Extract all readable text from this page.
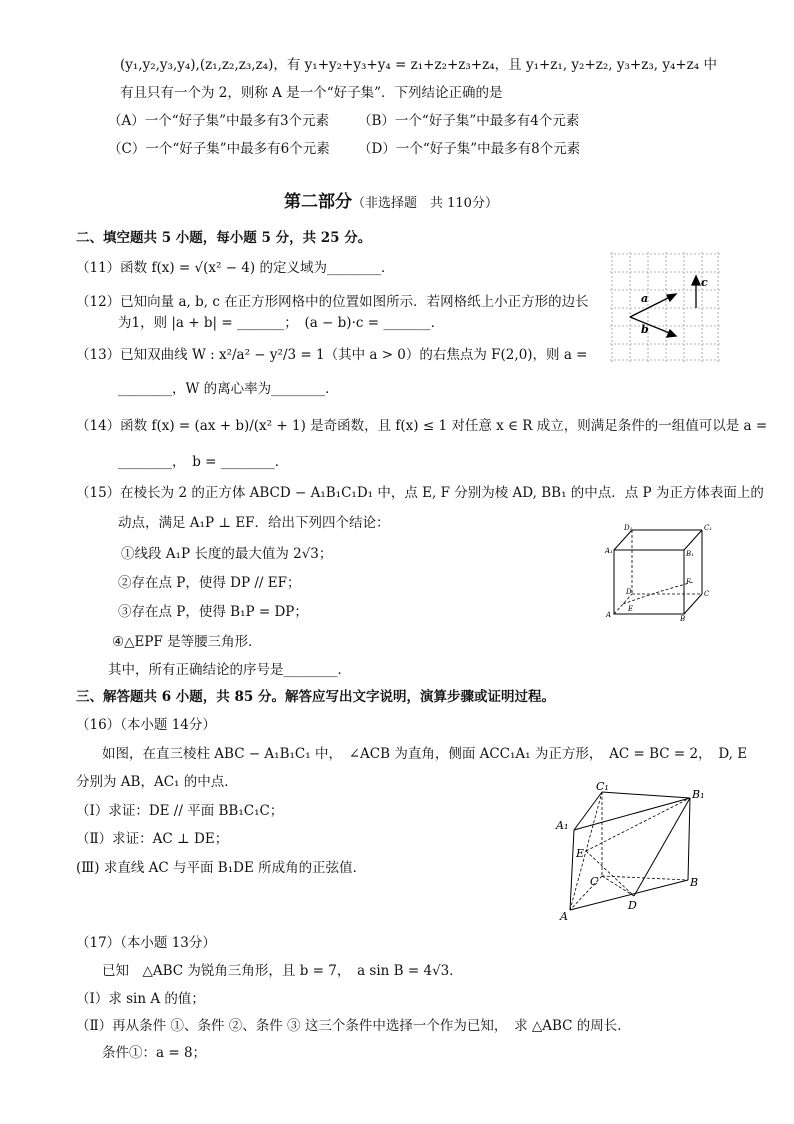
(y₁,y₂,y₃,y₄),(z₁,z₂,z₃,z₄)，有 y₁+y₂+y₃+y₄ = z₁+z₂+z₃+z₄，且 y₁+z₁, y₂+z₂, y₃+z₃, y₄+z₄ 中
有且只有一个为 2，则称 A 是一个“好子集”．下列结论正确的是
（A）一个“好子集”中最多有3个元素 （B）一个“好子集”中最多有4个元素
（C）一个“好子集”中最多有6个元素 （D）一个“好子集”中最多有8个元素
第二部分（非选择题　共 110分）
二、填空题共 5 小题，每小题 5 分，共 25 分。
（11）函数 f(x) = √(x² − 4) 的定义域为________．
（12）已知向量 a, b, c 在正方形网格中的位置如图所示．若网格纸上小正方形的边长
为1，则 |a + b| = _______；　(a − b)·c = _______．
a
b
c
（13）已知双曲线 W : x²/a² − y²/3 = 1（其中 a > 0）的右焦点为 F(2,0)，则 a =
________，W 的离心率为________．
（14）函数 f(x) = (ax + b)/(x² + 1) 是奇函数，且 f(x) ≤ 1 对任意 x ∈ R 成立，则满足条件的一组值可以是 a =
________，　b = ________．
（15）在棱长为 2 的正方体 ABCD − A₁B₁C₁D₁ 中，点 E, F 分别为棱 AD, BB₁ 的中点．点 P 为正方体表面上的
动点，满足 A₁P ⊥ EF．给出下列四个结论：
①线段 A₁P 长度的最大值为 2√3；
②存在点 P，使得 DP // EF；
③存在点 P，使得 B₁P = DP；
④△EPF 是等腰三角形．
其中，所有正确结论的序号是________．
D₁	C₁
A₁	B₁
D	C
F
E
A	B
三、解答题共 6 小题，共 85 分。解答应写出文字说明，演算步骤或证明过程。
（16）（本小题 14分）
如图，在直三棱柱 ABC − A₁B₁C₁ 中，　∠ACB 为直角，侧面 ACC₁A₁ 为正方形，　AC = BC = 2，　D, E
分别为 AB，AC₁ 的中点．
（Ⅰ）求证：DE // 平面 BB₁C₁C；
（Ⅱ）求证：AC ⊥ DE；
(Ⅲ) 求直线 AC 与平面 B₁DE 所成角的正弦值．
C₁
B₁
A₁
E
C	B
D
A
（17）（本小题 13分）
已知　△ABC 为锐角三角形，且 b = 7，　a sin B = 4√3．
（Ⅰ）求 sin A 的值；
（Ⅱ）再从条件 ①、条件 ②、条件 ③ 这三个条件中选择一个作为已知，　求 △ABC 的周长．
条件①：a = 8；
